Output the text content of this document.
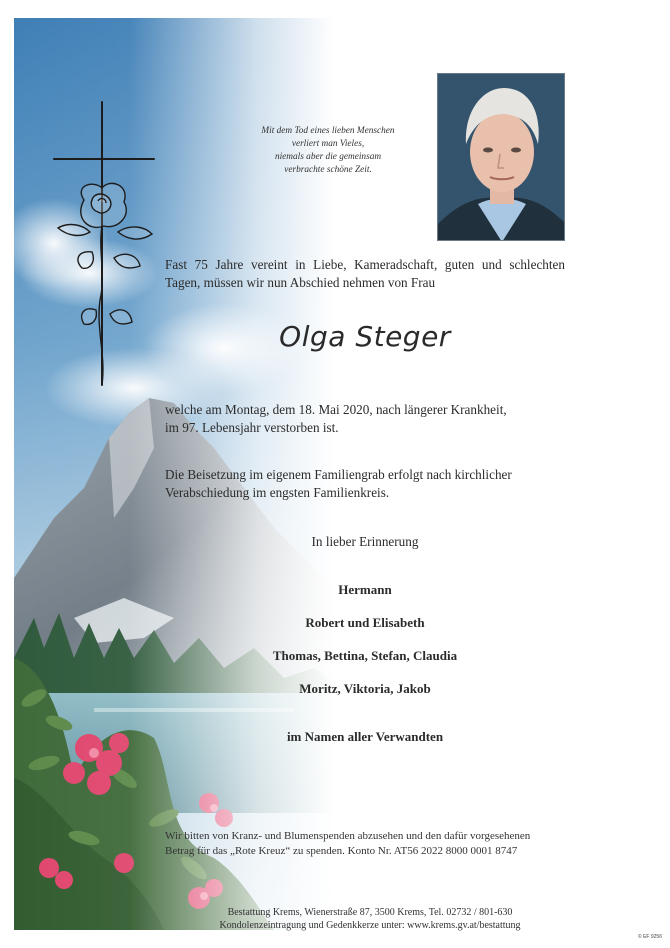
Mit dem Tod eines lieben Menschen
verliert man Vieles,
niemals aber die gemeinsam
verbrachte schöne Zeit.
Fast 75 Jahre vereint in Liebe, Kameradschaft, guten und schlechten
Tagen, müssen wir nun Abschied nehmen von Frau
Olga Steger
welche am Montag, dem 18. Mai 2020, nach längerer Krankheit,
im 97. Lebensjahr verstorben ist.
Die Beisetzung im eigenem Familiengrab erfolgt nach kirchlicher
Verabschiedung im engsten Familienkreis.
In lieber Erinnerung
Hermann
Robert und Elisabeth
Thomas, Bettina, Stefan, Claudia
Moritz, Viktoria, Jakob
im Namen aller Verwandten
Wir bitten von Kranz- und Blumenspenden abzusehen und den dafür vorgesehenen
Betrag für das „Rote Kreuz“ zu spenden. Konto Nr. AT56 2022 8000 0001 8747
Bestattung Krems, Wienerstraße 87, 3500 Krems, Tel. 02732 / 801-630
Kondolenzeintragung und Gedenkkerze unter: www.krems.gv.at/bestattung
© EF 9256
